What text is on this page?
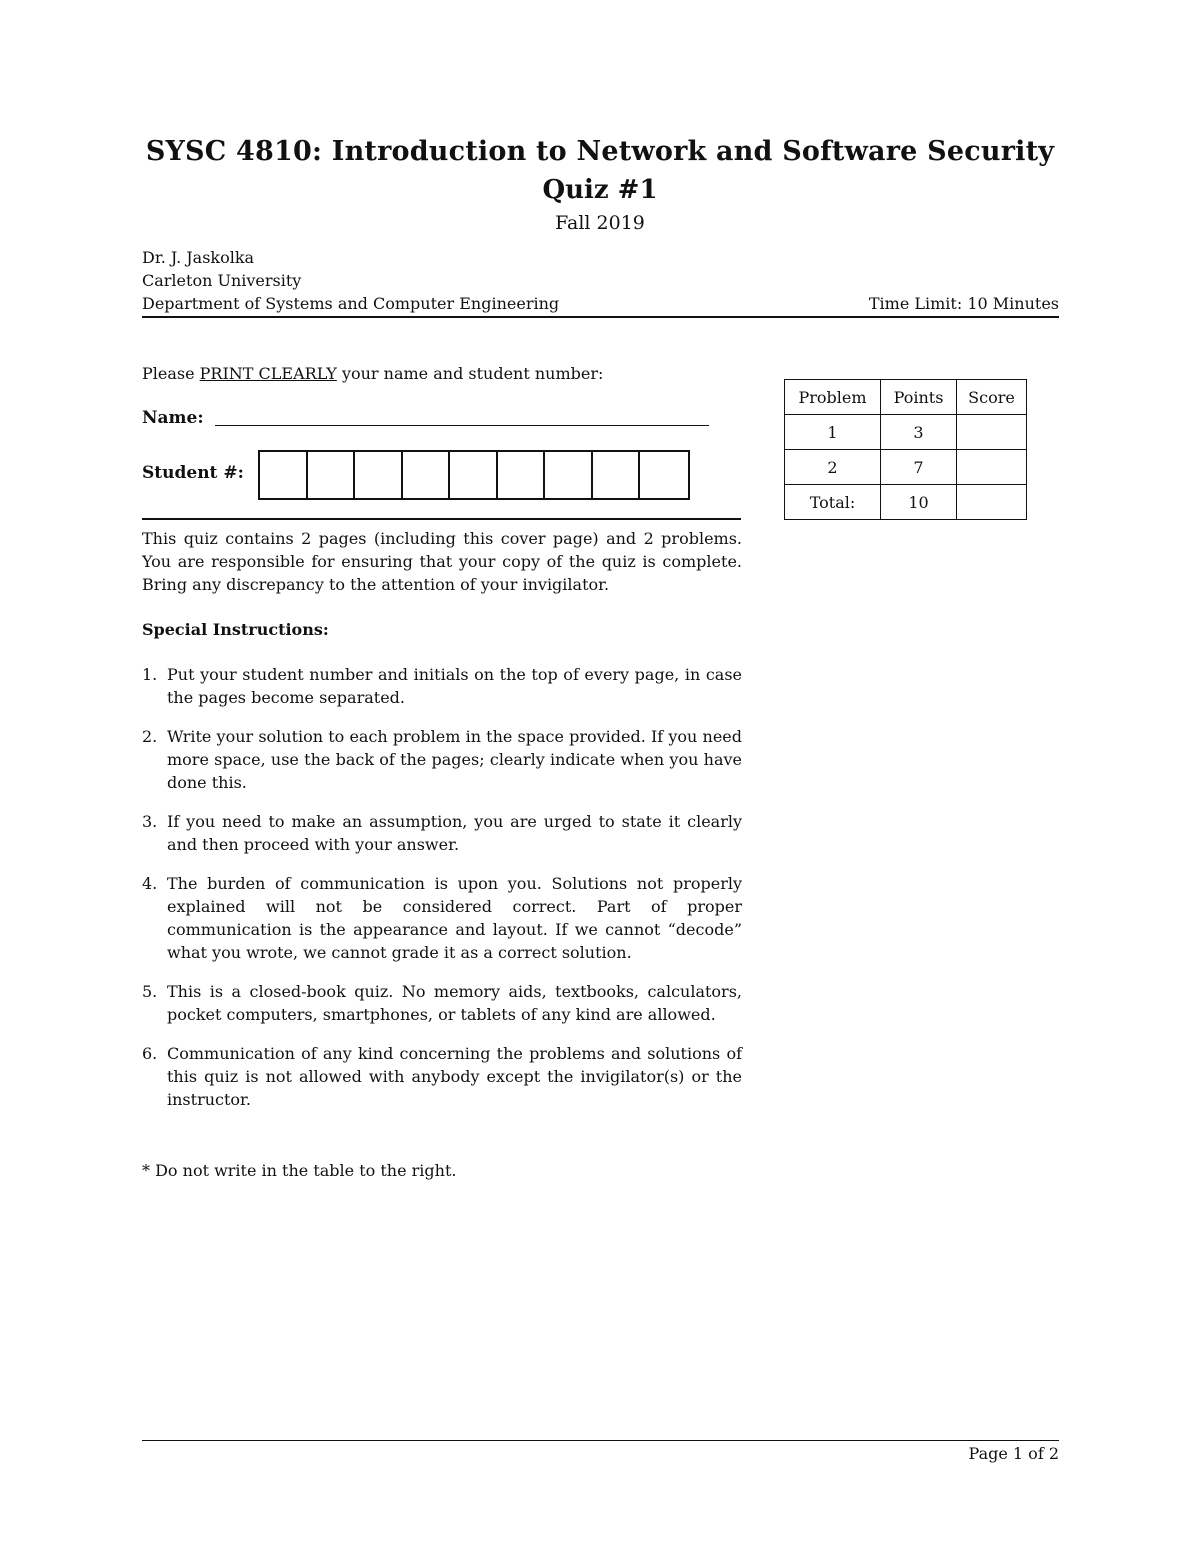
SYSC 4810: Introduction to Network and Software Security
Quiz #1
Fall 2019
Dr. J. Jaskolka
Carleton University
Department of Systems and Computer Engineering	Time Limit: 10 Minutes
Please PRINT CLEARLY your name and student number:
Name:
Student #:
This quiz contains 2 pages (including this cover page) and 2 problems. You are responsible for ensuring that your copy of the quiz is complete. Bring any discrepancy to the attention of your invigilator.
Special Instructions:
1. Put your student number and initials on the top of every page, in case the pages become separated.
2. Write your solution to each problem in the space provided. If you need more space, use the back of the pages; clearly indicate when you have done this.
3. If you need to make an assumption, you are urged to state it clearly and then proceed with your answer.
4. The burden of communication is upon you. Solutions not properly explained will not be considered correct. Part of proper communication is the appearance and layout. If we cannot “decode” what you wrote, we cannot grade it as a correct solution.
5. This is a closed-book quiz. No memory aids, textbooks, calculators, pocket computers, smartphones, or tablets of any kind are allowed.
6. Communication of any kind concerning the problems and solutions of this quiz is not allowed with anybody except the invigilator(s) or the instructor.
* Do not write in the table to the right.
Problem	Points	Score
1	3	
2	7	
Total:	10	
Page 1 of 2
